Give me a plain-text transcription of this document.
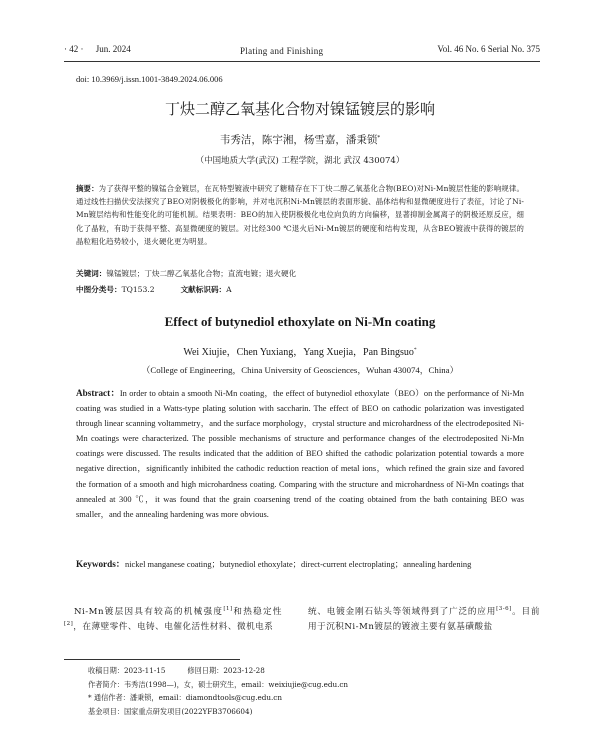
· 42 · Jun. 2024	Plating and Finishing	Vol. 46 No. 6 Serial No. 375
doi: 10.3969/j.issn.1001-3849.2024.06.006
丁炔二醇乙氧基化合物对镍锰镀层的影响
韦秀洁，陈宇湘，杨雪嘉，潘秉锁*
（中国地质大学(武汉) 工程学院，湖北 武汉 430074）
摘要：为了获得平整的镍锰合金镀层，在瓦特型镀液中研究了糖精存在下丁炔二醇乙氧基化合物(BEO)对Ni-Mn镀层性能的影响规律。通过线性扫描伏安法探究了BEO对阴极极化的影响，并对电沉积Ni-Mn镀层的表面形貌、晶体结构和显微硬度进行了表征，讨论了Ni-Mn镀层结构和性能变化的可能机制。结果表明：BEO的加入使阴极极化电位向负的方向偏移，显著抑制金属离子的阴极还原反应，细化了晶粒，有助于获得平整、高显微硬度的镀层。对比经300 ℃退火后Ni-Mn镀层的硬度和结构发现，从含BEO镀液中获得的镀层的晶粒粗化趋势较小，退火硬化更为明显。
关键词：镍锰镀层；丁炔二醇乙氧基化合物；直流电镀；退火硬化
中图分类号：TQ153.2	文献标识码：A
Effect of butynediol ethoxylate on Ni-Mn coating
Wei Xiujie，Chen Yuxiang，Yang Xuejia，Pan Bingsuo*
（College of Engineering，China University of Geosciences，Wuhan 430074，China）
Abstract：In order to obtain a smooth Ni-Mn coating，the effect of butynediol ethoxylate（BEO）on the performance of Ni-Mn coating was studied in a Watts-type plating solution with saccharin. The effect of BEO on cathodic polarization was investigated through linear scanning voltammetry，and the surface morphology，crystal structure and microhardness of the electrodeposited Ni-Mn coatings were characterized. The possible mechanisms of structure and performance changes of the electrodeposited Ni-Mn coatings were discussed. The results indicated that the addition of BEO shifted the cathodic polarization potential towards a more negative direction，significantly inhibited the cathodic reduction reaction of metal ions，which refined the grain size and favored the formation of a smooth and high microhardness coating. Comparing with the structure and microhardness of Ni-Mn coatings that annealed at 300 ℃，it was found that the grain coarsening trend of the coating obtained from the bath containing BEO was smaller，and the annealing hardening was more obvious.
Keywords：nickel manganese coating；butynediol ethoxylate；direct-current electroplating；annealing hardening
Ni-Mn镀层因具有较高的机械强度[1]和热稳定性[2]，在薄壁零件、电铸、电催化活性材料、微机电系
统、电镀金刚石钻头等领域得到了广泛的应用[3-6]。目前用于沉积Ni-Mn镀层的镀液主要有氨基磺酸盐
收稿日期：2023-11-15	修回日期：2023-12-28
作者简介：韦秀洁(1998—)，女，硕士研究生，email：weixiujie@cug.edu.cn
* 通信作者：潘秉锁，email：diamondtools@cug.edu.cn
基金项目：国家重点研发项目(2022YFB3706604)
